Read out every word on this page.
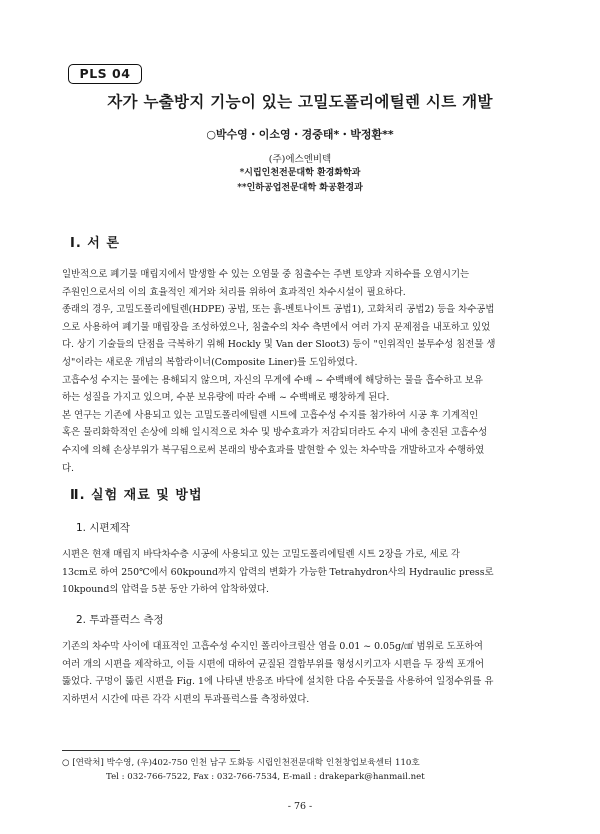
PLS 04
자가 누출방지 기능이 있는 고밀도폴리에틸렌 시트 개발
○박수영・이소영・경중태*・박정환**
(주)에스엔비텍
*시립인천전문대학 환경화학과
**인하공업전문대학 화공환경과
Ⅰ. 서 론
일반적으로 폐기물 매립지에서 발생할 수 있는 오염물 중 침출수는 주변 토양과 지하수를 오염시기는
주원인으로서의 이의 효율적인 제거와 처리를 위하여 효과적인 차수시설이 필요하다.
종래의 경우, 고밀도폴리에틸렌(HDPE) 공법, 또는 흙-벤토나이트 공법1), 고화처리 공법2) 등을 차수공법
으로 사용하여 폐기물 매립장을 조성하였으나, 침출수의 차수 측면에서 여러 가지 문제점을 내포하고 있었
다. 상기 기술들의 단점을 극복하기 위해 Hockly 및 Van der Sloot3) 등이 "인위적인 불투수성 침전물 생
성"이라는 새로운 개념의 복합라이너(Composite Liner)를 도입하였다.
고흡수성 수지는 물에는 용해되지 않으며, 자신의 무게에 수배 ~ 수백배에 해당하는 물을 흡수하고 보유
하는 성질을 가지고 있으며, 수분 보유량에 따라 수배 ~ 수백배로 팽창하게 된다.
본 연구는 기존에 사용되고 있는 고밀도폴리에틸렌 시트에 고흡수성 수지를 첨가하여 시공 후 기계적인
혹은 물리화학적인 손상에 의해 일시적으로 차수 및 방수효과가 저감되더라도 수지 내에 충진된 고흡수성
수지에 의해 손상부위가 복구됨으로써 본래의 방수효과를 발현할 수 있는 차수막을 개발하고자 수행하였
다.
Ⅱ. 실험 재료 및 방법
1. 시편제작
시편은 현재 매립지 바닥차수층 시공에 사용되고 있는 고밀도폴리에틸렌 시트 2장을 가로, 세로 각
13cm로 하여 250℃에서 60kpound까지 압력의 변화가 가능한 Tetrahydron사의 Hydraulic press로
10kpound의 압력을 5분 동안 가하여 압착하였다.
2. 투과플럭스 측정
기존의 차수막 사이에 대표적인 고흡수성 수지인 폴리아크릴산 염을 0.01 ~ 0.05g/㎠ 범위로 도포하여
여러 개의 시편을 제작하고, 이들 시편에 대하여 균질된 결합부위를 형성시키고자 시편을 두 장씩 포개어
뚫었다. 구멍이 뚫린 시편을 Fig. 1에 나타낸 반응조 바닥에 설치한 다음 수돗물을 사용하여 일정수위를 유
지하면서 시간에 따른 각각 시편의 투과플럭스를 측정하였다.
○ [연락처] 박수영, (우)402-750 인천 남구 도화동 시립인천전문대학 인천창업보육센터 110호
Tel : 032-766-7522, Fax : 032-766-7534, E-mail : drakepark@hanmail.net
- 76 -
